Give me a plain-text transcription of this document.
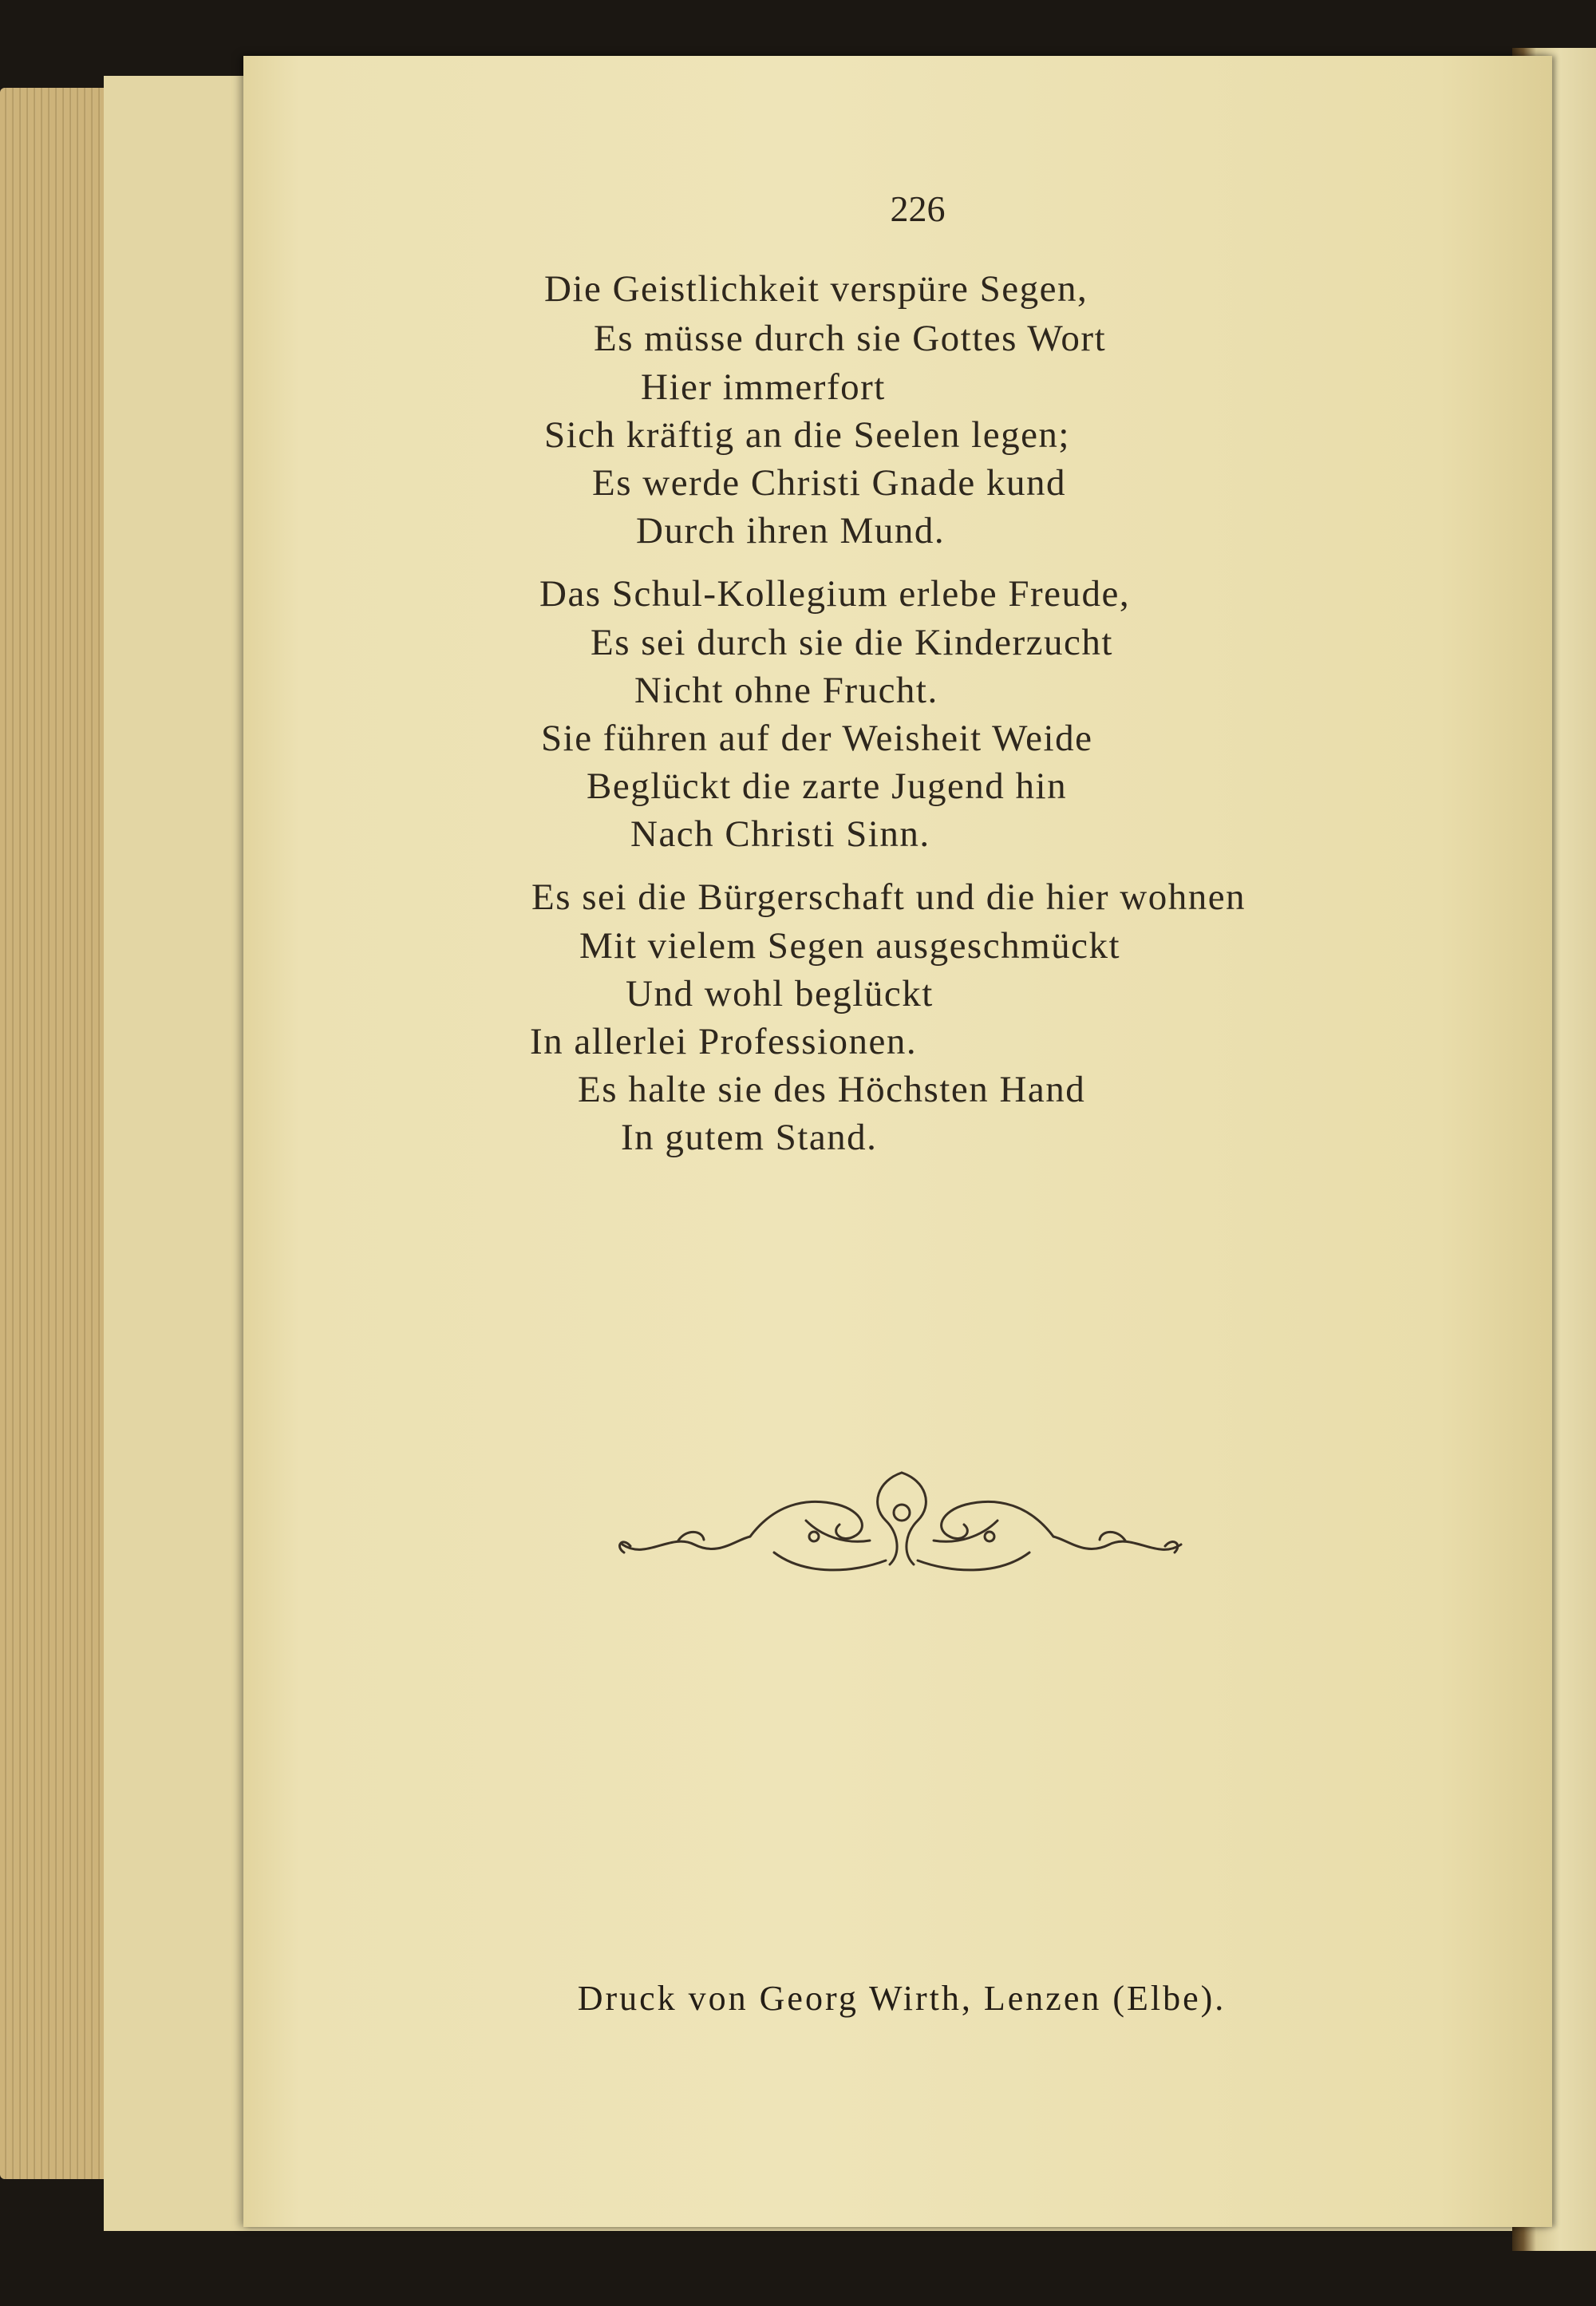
226
Die Geistlichkeit verspüre Segen,
Es müsse durch sie Gottes Wort
Hier immerfort
Sich kräftig an die Seelen legen;
Es werde Christi Gnade kund
Durch ihren Mund.
Das Schul-Kollegium erlebe Freude,
Es sei durch sie die Kinderzucht
Nicht ohne Frucht.
Sie führen auf der Weisheit Weide
Beglückt die zarte Jugend hin
Nach Christi Sinn.
Es sei die Bürgerschaft und die hier wohnen
Mit vielem Segen ausgeschmückt
Und wohl beglückt
In allerlei Professionen.
Es halte sie des Höchsten Hand
In gutem Stand.
Druck von Georg Wirth, Lenzen (Elbe).
